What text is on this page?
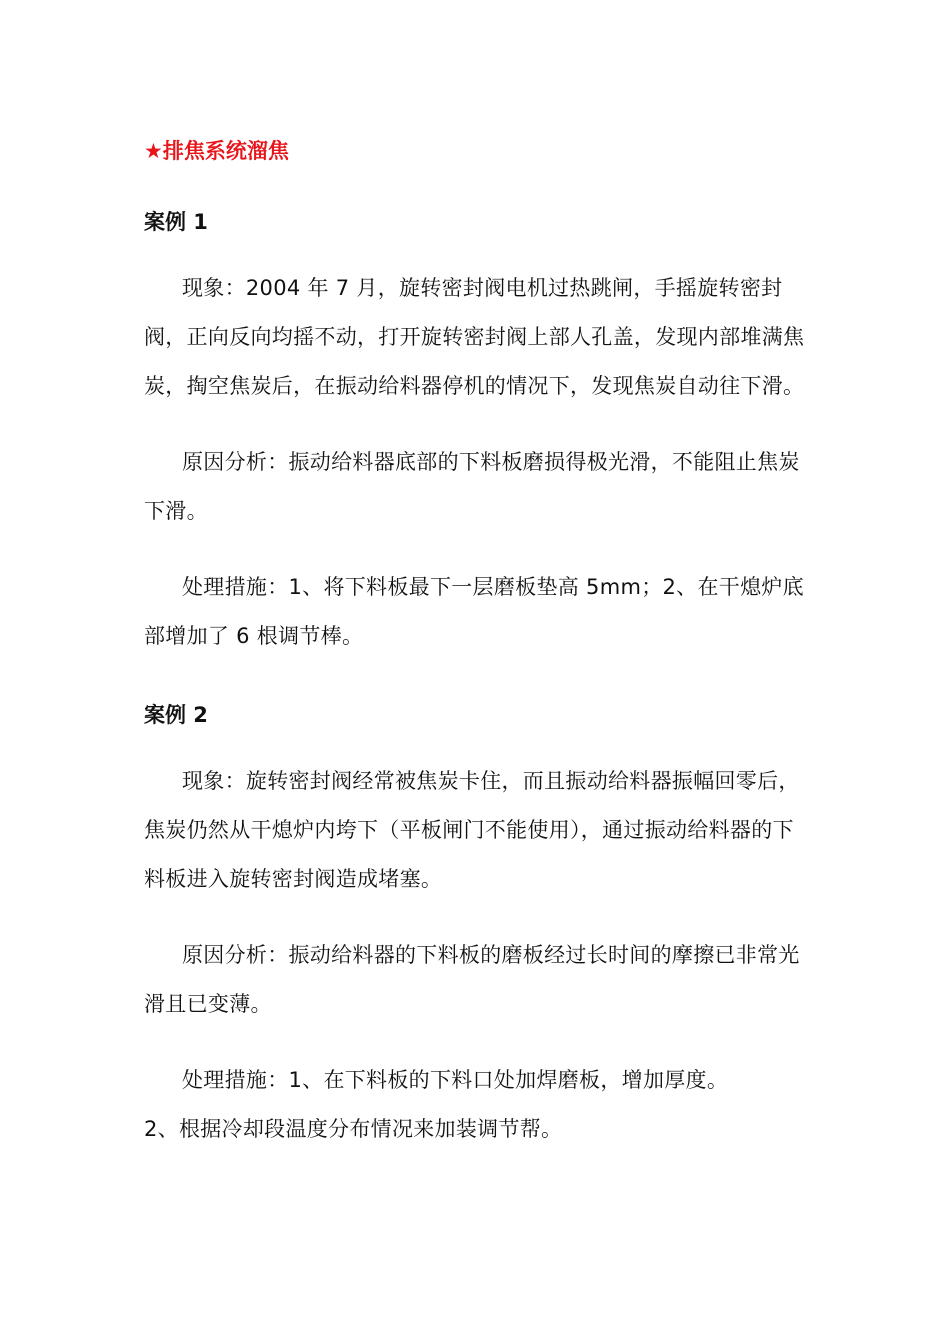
★排焦系统溜焦

案例 1

现象：2004 年 7 月，旋转密封阀电机过热跳闸，手摇旋转密封阀，正向反向均摇不动，打开旋转密封阀上部人孔盖，发现内部堆满焦炭，掏空焦炭后，在振动给料器停机的情况下，发现焦炭自动往下滑。

原因分析：振动给料器底部的下料板磨损得极光滑，不能阻止焦炭下滑。

处理措施：1、将下料板最下一层磨板垫高 5mm；2、在干熄炉底部增加了 6 根调节棒。

案例 2

现象：旋转密封阀经常被焦炭卡住，而且振动给料器振幅回零后，焦炭仍然从干熄炉内垮下（平板闸门不能使用），通过振动给料器的下料板进入旋转密封阀造成堵塞。

原因分析：振动给料器的下料板的磨板经过长时间的摩擦已非常光滑且已变薄。

处理措施：1、在下料板的下料口处加焊磨板，增加厚度。

2、根据冷却段温度分布情况来加装调节帮。
